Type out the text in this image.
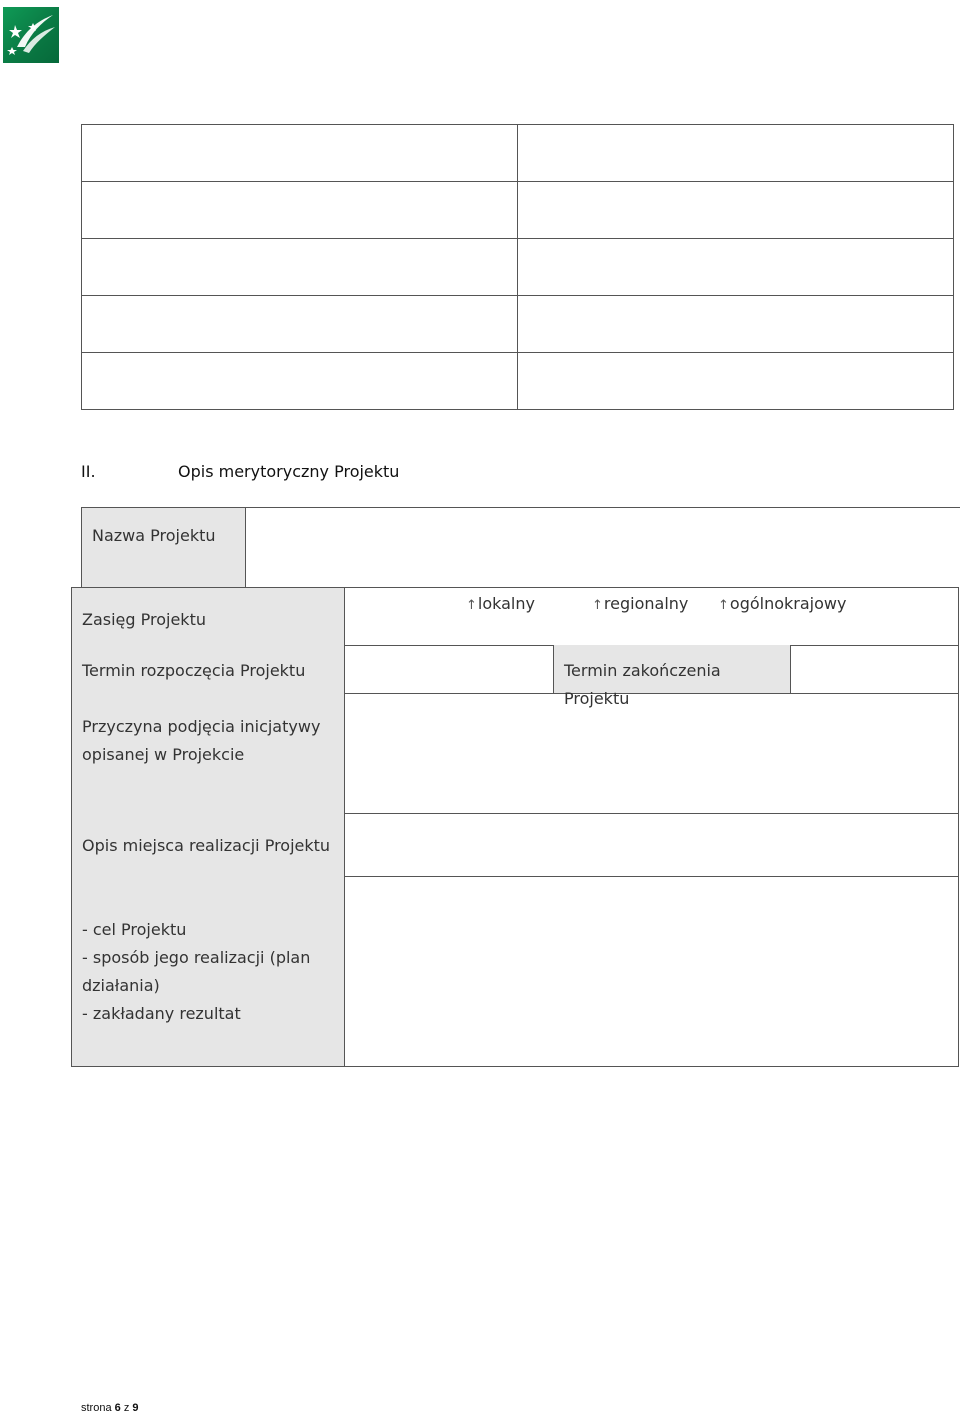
II.	Opis merytoryczny Projektu
Nazwa Projektu
Zasięg Projektu
↑lokalny	↑regionalny ↑ogólnokrajowy
Termin rozpoczęcia Projektu	Termin zakończenia Projektu
Przyczyna podjęcia inicjatywy
opisanej w Projekcie
Opis miejsca realizacji Projektu
- cel Projektu
- sposób jego realizacji (plan
działania)
- zakładany rezultat
strona 6 z 9
